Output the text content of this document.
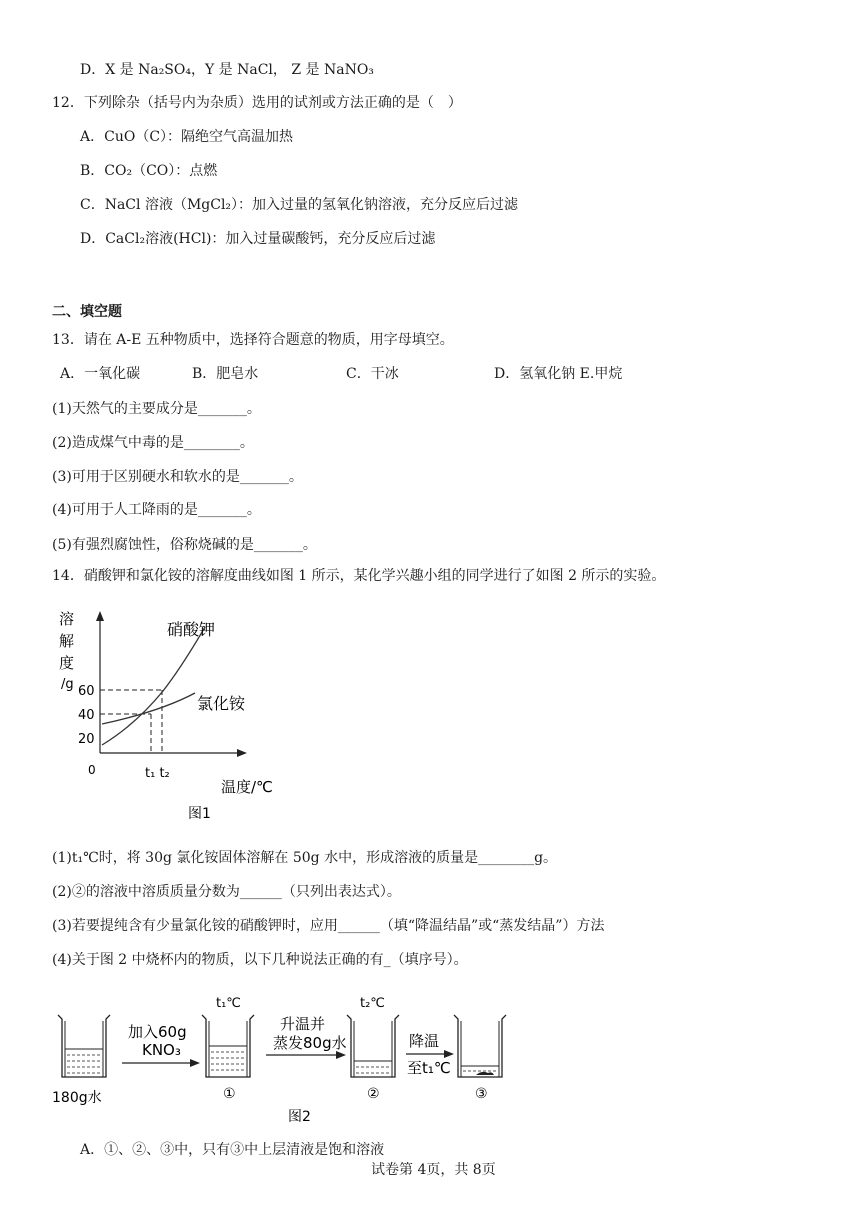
D．X 是 Na₂SO₄，Y 是 NaCl， Z 是 NaNO₃
12．下列除杂（括号内为杂质）选用的试剂或方法正确的是（　）
A．CuO（C）：隔绝空气高温加热
B．CO₂（CO）：点燃
C．NaCl 溶液（MgCl₂）：加入过量的氢氧化钠溶液，充分反应后过滤
D．CaCl₂溶液(HCl)：加入过量碳酸钙，充分反应后过滤
二、填空题
13．请在 A-E 五种物质中，选择符合题意的物质，用字母填空。
A．一氧化碳	B．肥皂水	C．干冰	D．氢氧化钠 E.甲烷
(1)天然气的主要成分是_______。
(2)造成煤气中毒的是________。
(3)可用于区别硬水和软水的是_______。
(4)可用于人工降雨的是_______。
(5)有强烈腐蚀性，俗称烧碱的是_______。
14．硝酸钾和氯化铵的溶解度曲线如图 1 所示，某化学兴趣小组的同学进行了如图 2 所示的实验。
溶
解
度
/g
0
20
40
60
t₁ t₂
硝酸钾
氯化铵
温度/℃
图1
(1)t₁℃时，将 30g 氯化铵固体溶解在 50g 水中，形成溶液的质量是________g。
(2)②的溶液中溶质质量分数为______（只列出表达式）。
(3)若要提纯含有少量氯化铵的硝酸钾时，应用______（填“降温结晶”或“蒸发结晶”）方法
(4)关于图 2 中烧杯内的物质，以下几种说法正确的有_（填序号）。
180g水
加入60g
KNO₃
t₁℃
①
升温并
蒸发80g水
t₂℃
②
降温
至t₁℃
③
图2
A．①、②、③中，只有③中上层清液是饱和溶液
试卷第 4页，共 8页
